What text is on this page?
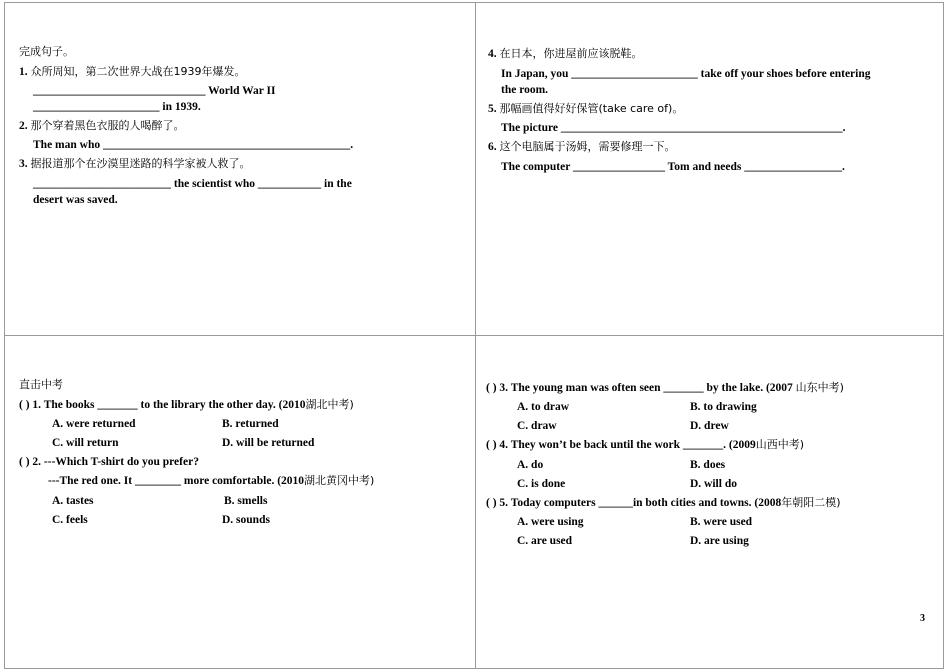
完成句子。
1. 众所周知，第二次世界大战在1939年爆发。
______________________________ World War II
______________________ in 1939.
2. 那个穿着黑色衣服的人喝醉了。
The man who ___________________________________________.
3. 据报道那个在沙漠里迷路的科学家被人救了。
________________________ the scientist who ___________ in the
desert was saved.
4. 在日本，你进屋前应该脱鞋。
In Japan, you ______________________ take off your shoes before entering
the room.
5. 那幅画值得好好保管(take care of)。
The picture _________________________________________________.
6. 这个电脑属于汤姆，需要修理一下。
The computer ________________ Tom and needs _________________.
直击中考
( ) 1. The books _______ to the library the other day. (2010湖北中考)
A. were returned	B. returned
C. will return	D. will be returned
( ) 2. ---Which T-shirt do you prefer?
---The red one. It ________ more comfortable. (2010湖北黄冈中考)
A. tastes	B. smells
C. feels	D. sounds
( ) 3. The young man was often seen _______ by the lake. (2007 山东中考)
A. to draw	B. to drawing
C. draw	D. drew
( ) 4. They won’t be back until the work _______. (2009山西中考)
A. do	B. does
C. is done	D. will do
( ) 5. Today computers ______in both cities and towns. (2008年朝阳二模)
A. were using	B. were used
C. are used	D. are using
3
